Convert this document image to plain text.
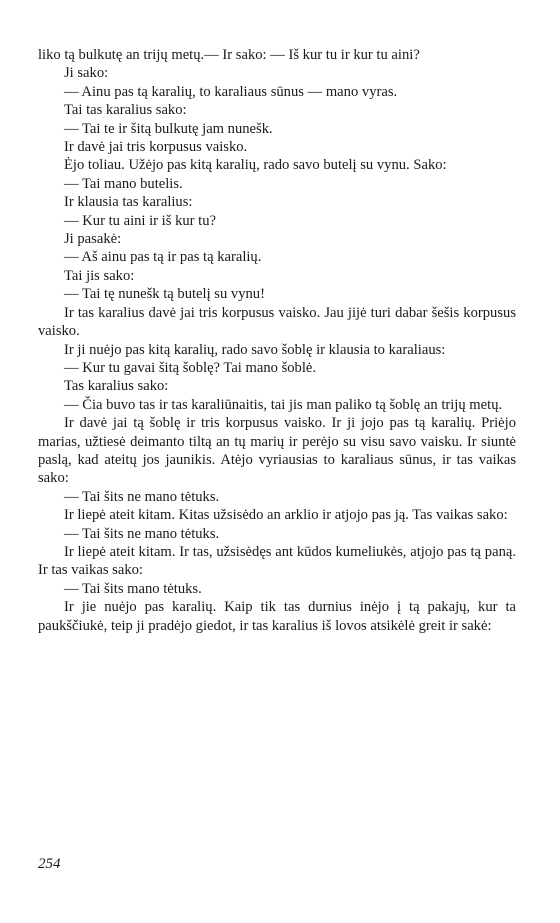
liko tą bulkutę an trijų metų.— Ir sako: — Iš kur tu ir kur tu aini?

Ji sako:

— Ainu pas tą karalių, to karaliaus sūnus — mano vyras.

Tai tas karalius sako:

— Tai te ir šitą bulkutę jam nunešk.

Ir davė jai tris korpusus vaisko.

Ėjo toliau. Užėjo pas kitą karalių, rado savo butelį su vynu. Sako:

— Tai mano butelis.

Ir klausia tas karalius:

— Kur tu aini ir iš kur tu?

Ji pasakė:

— Aš ainu pas tą ir pas tą karalių.

Tai jis sako:

— Tai tę nunešk tą butelį su vynu!

Ir tas karalius davė jai tris korpusus vaisko. Jau jijė turi dabar šešis korpusus vaisko.

Ir ji nuėjo pas kitą karalių, rado savo šoblę ir klausia to karaliaus:

— Kur tu gavai šitą šoblę? Tai mano šoblė.

Tas karalius sako:

— Čia buvo tas ir tas karaliūnaitis, tai jis man paliko tą šoblę an trijų metų.

Ir davė jai tą šoblę ir tris korpusus vaisko. Ir ji jojo pas tą karalių. Priėjo marias, užtiesė deimanto tiltą an tų marių ir perėjo su visu savo vaisku. Ir siuntė paslą, kad ateitų jos jaunikis. Atėjo vyriausias to karaliaus sūnus, ir tas vaikas sako:

— Tai šits ne mano tėtuks.

Ir liepė ateit kitam. Kitas užsisėdo an arklio ir atjojo pas ją. Tas vaikas sako:

— Tai šits ne mano tėtuks.

Ir liepė ateit kitam. Ir tas, užsisėdęs ant kūdos kumeliukės, atjojo pas tą paną. Ir tas vaikas sako:

— Tai šits mano tėtuks.

Ir jie nuėjo pas karalių. Kaip tik tas durnius inėjo į tą pakajų, kur ta paukščiukė, teip ji pradėjo giedot, ir tas karalius iš lovos atsikėlė greit ir sakė:

254
